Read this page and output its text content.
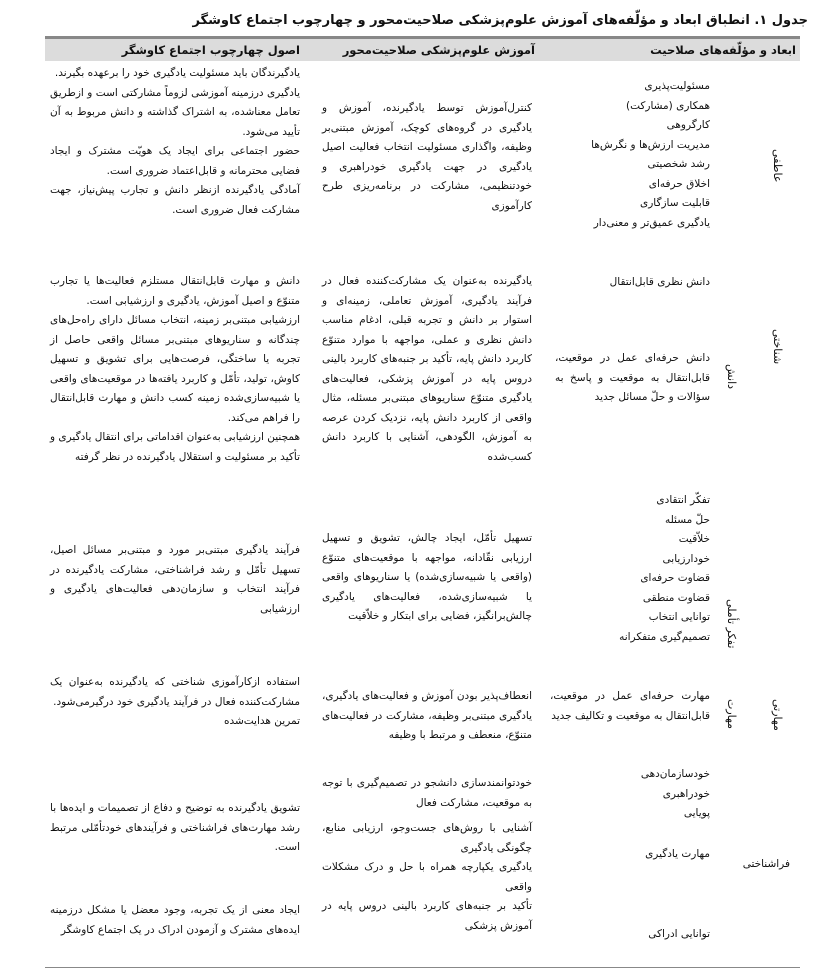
جدول ۱. انطباق ابعاد و مؤلّفه‌های آموزش علوم‌پزشکی صلاحیت‌محور و چهارچوب اجتماع کاوشگر
ابعاد و مؤلّفه‌های صلاحیت
آموزش علوم‌پزشکی صلاحیت‌محور
اصول چهارچوب اجتماع کاوشگر
عاطفی
مسئولیت‌پذیری
همکاری (مشارکت)
کارگروهی
مدیریت ارزش‌ها و نگرش‌ها
رشد شخصیتی
اخلاق حرفه‌ای
قابلیت سازگاری
یادگیری عمیق‌تر و معنی‌دار
کنترل‌آموزش توسط یادگیرنده، آموزش و یادگیری در گروه‌های کوچک، آموزش مبتنی‌بر وظیفه، واگذاری مسئولیت انتخاب فعالیت اصیل یادگیری در جهت یادگیری خودراهبری و خودتنظیمی، مشارکت در برنامه‌ریزی طرح کارآموزی

یادگیرندگان باید مسئولیت یادگیری خود را برعهده بگیرند.

یادگیری درزمینه آموزشی لزوماً مشارکتی است و ازطریق تعامل معناشده، به اشتراک گذاشته و دانش مربوط به آن تأیید می‌شود.

حضور اجتماعی برای ایجاد یک هویّت مشترک و ایجاد فضایی محترمانه و قابل‌اعتماد ضروری است.

آمادگی یادگیرنده ازنظر دانش و تجارب پیش‌نیاز، جهت مشارکت فعال ضروری است.

شناختی
دانش
دانش نظری قابل‌انتقال
دانش حرفه‌ای عمل در موقعیت، قابل‌انتقال به موقعیت و پاسخ به سؤالات و حلّ مسائل جدید
یادگیرنده به‌عنوان یک مشارکت‌کننده فعال در فرآیند یادگیری، آموزش تعاملی، زمینه‌ای و استوار بر دانش و تجربه قبلی، ادغام مناسب دانش نظری و عملی، مواجهه با موارد متنوّع کاربرد دانش پایه، تأکید بر جنبه‌های کاربرد بالینی دروس پایه در آموزش پزشکی، فعالیت‌های یادگیری متنوّع سناریوهای مبتنی‌بر مسئله، مثال واقعی از کاربرد دانش پایه، نزدیک کردن عرصه به آموزش، الگودهی، آشنایی با کاربرد دانش کسب‌شده

دانش و مهارت قابل‌انتقال مستلزم فعالیت‌ها یا تجارب متنوّع و اصیل آموزش، یادگیری و ارزشیابی است.

ارزشیابی مبتنی‌بر زمینه، انتخاب مسائل دارای راه‌حل‌های چندگانه و سناریوهای مبتنی‌بر مسائل واقعی حاصل از تجربه یا ساختگی، فرصت‌هایی برای تشویق و تسهیل کاوش، تولید، تأمّل و کاربرد یافته‌ها در موقعیت‌های واقعی یا شبیه‌سازی‌شده زمینه کسب دانش و مهارت قابل‌انتقال را فراهم می‌کند.

همچنین ارزشیابی به‌عنوان اقداماتی برای انتقال یادگیری و تأکید بر مسئولیت و استقلال یادگیرنده در نظر گرفته

تفکر تأملی
تفکّر انتقادی
حلّ مسئله
خلاّقیت
خودارزیابی
قضاوت حرفه‌ای
قضاوت منطقی
توانایی انتخاب
تصمیم‌گیری متفکرانه
تسهیل تأمّل، ایجاد چالش، تشویق و تسهیل ارزیابی نقّادانه، مواجهه با موقعیت‌های متنوّع (واقعی یا شبیه‌سازی‌شده) یا سناریوهای واقعی یا شبیه‌سازی‌شده، فعالیت‌های یادگیری چالش‌برانگیز، فضایی برای ابتکار و خلاّقیت
فرآیند یادگیری مبتنی‌بر مورد و مبتنی‌بر مسائل اصیل، تسهیل تأمّل و رشد فراشناختی، مشارکت یادگیرنده در فرآیند انتخاب و سازمان‌دهی فعالیت‌های یادگیری و ارزشیابی
مهارتی
مهارت
مهارت حرفه‌ای عمل در موقعیت، قابل‌انتقال به موقعیت و تکالیف جدید
انعطاف‌پذیر بودن آموزش و فعالیت‌های یادگیری، یادگیری مبتنی‌بر وظیفه، مشارکت در فعالیت‌های متنوّع، منعطف و مرتبط با وظیفه

استفاده ازکارآموزی شناختی که یادگیرنده به‌عنوان یک مشارکت‌کننده فعال در فرآیند یادگیری خود درگیرمی‌شود.

تمرین هدایت‌شده

فراشناختی
خودسازمان‌دهی
خودراهبری
پویایی
مهارت یادگیری
توانایی ادراکی

خودتوانمندسازی دانشجو در تصمیم‌گیری با توجه به موقعیت، مشارکت فعال

آشنایی با روش‌های جست‌وجو، ارزیابی منابع، چگونگی یادگیری

یادگیری یکپارچه همراه با حل و درک مشکلات واقعی

تأکید بر جنبه‌های کاربرد بالینی دروس پایه در آموزش پزشکی

تشویق یادگیرنده به توضیح و دفاع از تصمیمات و ایده‌ها با رشد مهارت‌های فراشناختی و فرآیندهای خودتأمّلی مرتبط است.
ایجاد معنی از یک تجربه، وجود معضل یا مشکل درزمینه ایده‌های مشترک و آزمودن ادراک در یک اجتماع کاوشگر
